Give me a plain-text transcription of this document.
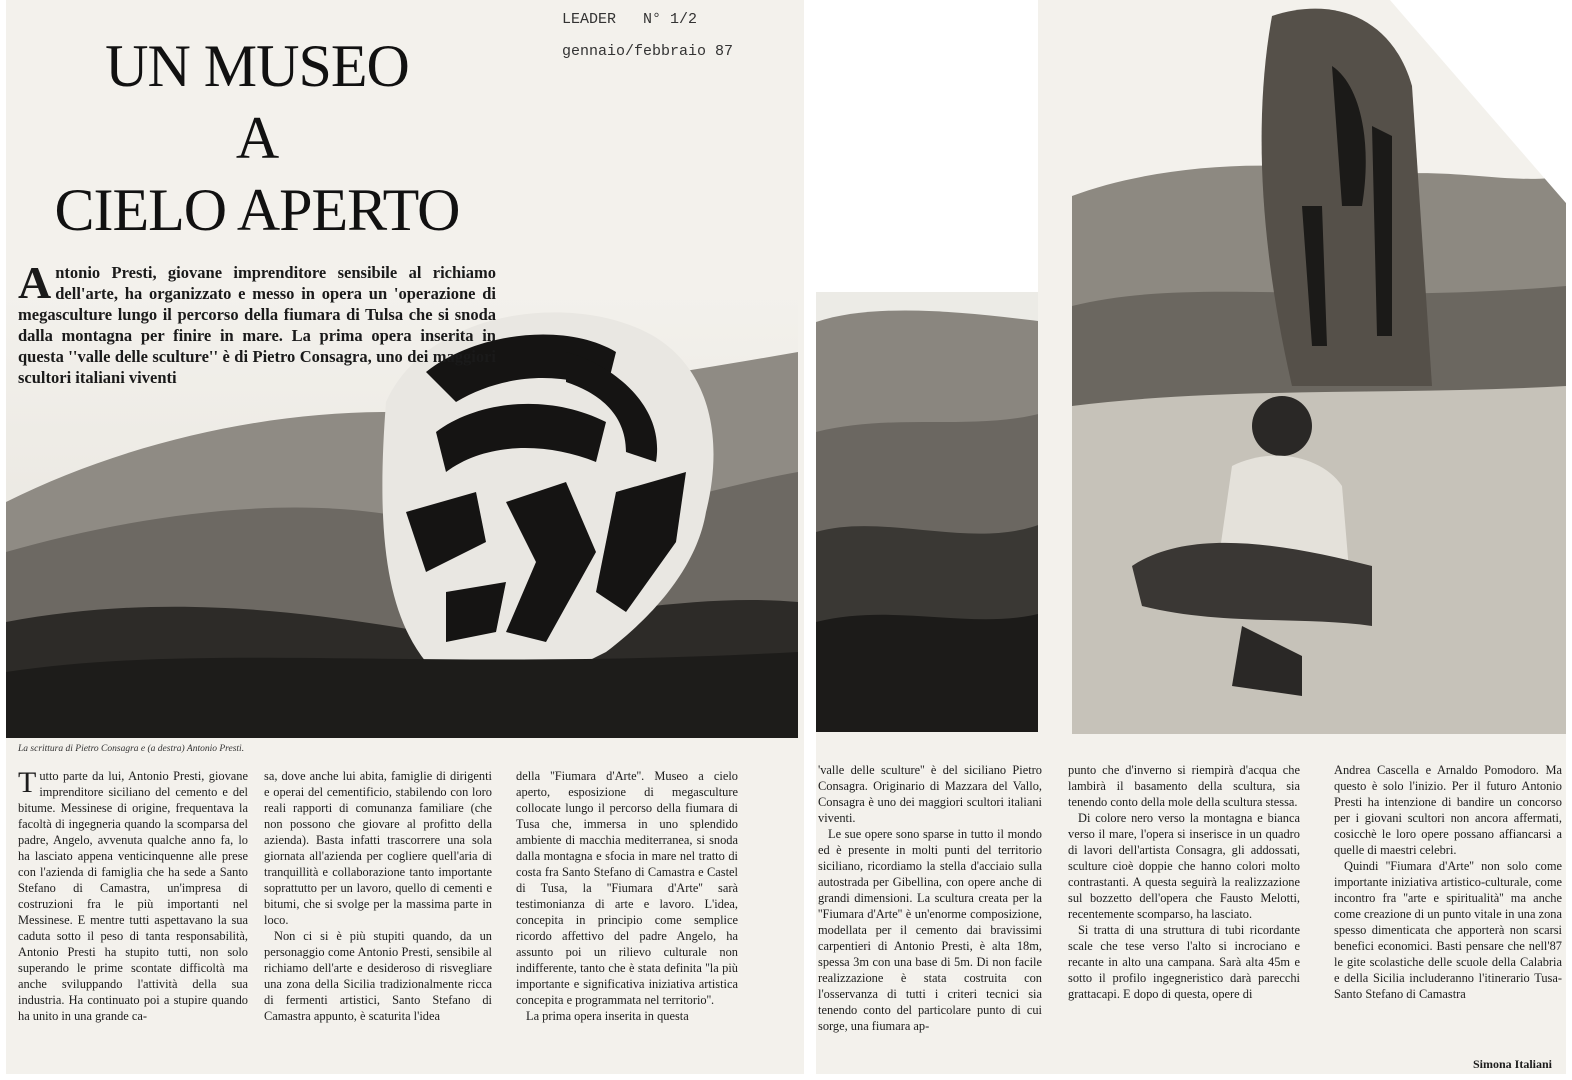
UN MUSEO
A
CIELO APERTO
LEADER   N° 1/2
gennaio/febbraio 87

Antonio Presti, giovane imprenditore sensibile al richiamo dell'arte, ha organizzato e messo in opera un 'operazione di megasculture lungo il percorso della fiumara di Tulsa che si snoda dalla montagna per finire in mare. La prima opera inserita in questa ''valle delle sculture'' è di Pietro Consagra, uno dei maggiori scultori italiani viventi

La scrittura di Pietro Consagra e (a destra) Antonio Presti.

Tutto parte da lui, Antonio Presti, giovane imprenditore siciliano del cemento e del bitume. Messinese di origine, frequentava la facoltà di ingegneria quando la scomparsa del padre, Angelo, avvenuta qualche anno fa, lo ha lasciato appena venticinquenne alle prese con l'azienda di famiglia che ha sede a Santo Stefano di Camastra, un'impresa di costruzioni fra le più importanti nel Messinese. E mentre tutti aspettavano la sua caduta sotto il peso di tanta responsabilità, Antonio Presti ha stupito tutti, non solo superando le prime scontate difficoltà ma anche sviluppando l'attività della sua industria. Ha continuato poi a stupire quando ha unito in una grande ca-

sa, dove anche lui abita, famiglie di dirigenti e operai del cementificio, stabilendo con loro reali rapporti di comunanza familiare (che non possono che giovare al profitto della azienda). Basta infatti trascorrere una sola giornata all'azienda per cogliere quell'aria di tranquillità e collaborazione tanto importante soprattutto per un lavoro, quello di cementi e bitumi, che si svolge per la massima parte in loco.

Non ci si è più stupiti quando, da un personaggio come Antonio Presti, sensibile al richiamo dell'arte e desideroso di risvegliare una zona della Sicilia tradizionalmente ricca di fermenti artistici, Santo Stefano di Camastra appunto, è scaturita l'idea

della ''Fiumara d'Arte''. Museo a cielo aperto, esposizione di megasculture collocate lungo il percorso della fiumara di Tusa che, immersa in uno splendido ambiente di macchia mediterranea, si snoda dalla montagna e sfocia in mare nel tratto di costa fra Santo Stefano di Camastra e Castel di Tusa, la ''Fiumara d'Arte'' sarà testimonianza di arte e lavoro. L'idea, concepita in principio come semplice ricordo affettivo del padre Angelo, ha assunto poi un rilievo culturale non indifferente, tanto che è stata definita ''la più importante e significativa iniziativa artistica concepita e programmata nel territorio''.

La prima opera inserita in questa

'valle delle sculture'' è del siciliano Pietro Consagra. Originario di Mazzara del Vallo, Consagra è uno dei maggiori scultori italiani viventi.

Le sue opere sono sparse in tutto il mondo ed è presente in molti punti del territorio siciliano, ricordiamo la stella d'acciaio sulla autostrada per Gibellina, con opere anche di grandi dimensioni. La scultura creata per la ''Fiumara d'Arte'' è un'enorme composizione, modellata per il cemento dai bravissimi carpentieri di Antonio Presti, è alta 18m, spessa 3m con una base di 5m. Di non facile realizzazione è stata costruita con l'osservanza di tutti i criteri tecnici sia tenendo conto del particolare punto di cui sorge, una fiumara ap-

punto che d'inverno si riempirà d'acqua che lambirà il basamento della scultura, sia tenendo conto della mole della scultura stessa.

Di colore nero verso la montagna e bianca verso il mare, l'opera si inserisce in un quadro di lavori dell'artista Consagra, gli addossati, sculture cioè doppie che hanno colori molto contrastanti. A questa seguirà la realizzazione sul bozzetto dell'opera che Fausto Melotti, recentemente scomparso, ha lasciato.

Si tratta di una struttura di tubi ricordante scale che tese verso l'alto si incrociano e recante in alto una campana. Sarà alta 45m e sotto il profilo ingegneristico darà parecchi grattacapi. E dopo di questa, opere di

Andrea Cascella e Arnaldo Pomodoro. Ma questo è solo l'inizio. Per il futuro Antonio Presti ha intenzione di bandire un concorso per i giovani scultori non ancora affermati, cosicchè le loro opere possano affiancarsi a quelle di maestri celebri.

Quindi ''Fiumara d'Arte'' non solo come importante iniziativa artistico-culturale, come incontro fra ''arte e spiritualità'' ma anche come creazione di un punto vitale in una zona spesso dimenticata che apporterà non scarsi benefici economici. Basti pensare che nell'87 le gite scolastiche delle scuole della Calabria e della Sicilia includeranno l'itinerario Tusa-Santo Stefano di Camastra

Simona Italiani
